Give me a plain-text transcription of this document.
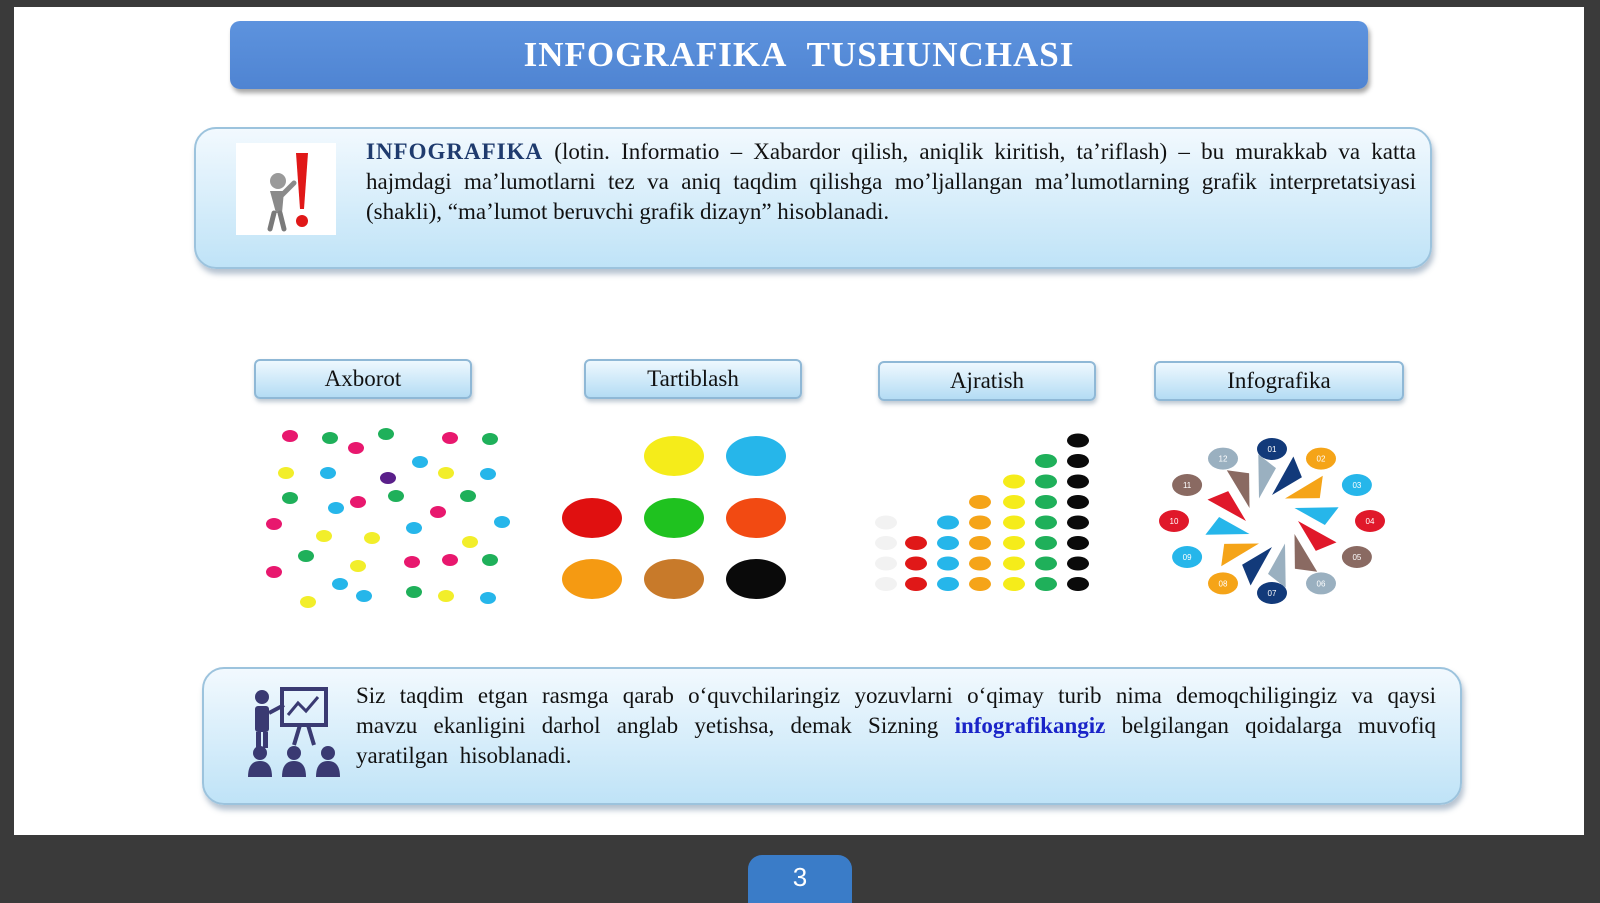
INFOGRAFIKA TUSHUNCHASI
INFOGRAFIKA (lotin. Informatio – Xabardor qilish, aniqlik kiritish, ta’riflash) – bu murakkab va katta hajmdagi ma’lumotlarni tez va aniq taqdim qilishga mo’ljallangan ma’lumotlarning grafik interpretatsiyasi (shakli), “ma’lumot beruvchi grafik dizayn” hisoblanadi.
Axborot	Tartiblash	Ajratish	Infografika
01
02
03
04
05
06
07
08
09
10
11
12
Siz taqdim etgan rasmga qarab o‘quvchilaringiz yozuvlarni o‘qimay turib nima demoqchiligingiz va qaysi mavzu ekanligini darhol anglab yetishsa, demak Sizning infografikangiz belgilangan qoidalarga muvofiq yaratilgan hisoblanadi.
3
